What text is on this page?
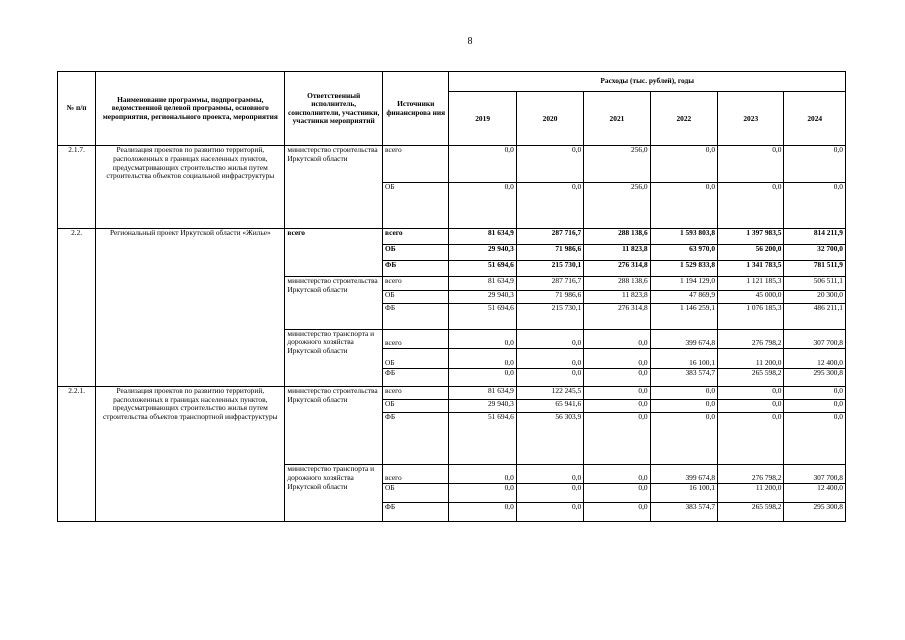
8
№ п/п	Наименование программы, подпрограммы, ведомственной целевой программы, основного мероприятия, регионального проекта, мероприятия	Ответственный исполнитель, соисполнители, участники, участники мероприятий	Источники финансирова ния	Расходы (тыс. рублей), годы					
				2019	2020	2021	2022	2023	2024
2.1.7.	Реализация проектов по развитию территорий, расположенных в границах населенных пунктов, предусматривающих строительство жилья путем строительства объектов социальной инфраструктуры	министерство строительства Иркутской области	всего	0,0	0,0	256,0	0,0	0,0	0,0
			ОБ	0,0	0,0	256,0	0,0	0,0	0,0
2.2.	Региональный проект Иркутской области «Жилье»	всего	всего	81 634,9	287 716,7	288 138,6	1 593 803,8	1 397 983,5	814 211,9
			ОБ	29 940,3	71 986,6	11 823,8	63 970,0	56 200,0	32 700,0
			ФБ	51 694,6	215 730,1	276 314,8	1 529 833,8	1 341 783,5	781 511,9
		министерство строительства Иркутской области	всего	81 634,9	287 716,7	288 138,6	1 194 129,0	1 121 185,3	506 511,1
			ОБ	29 940,3	71 986,6	11 823,8	47 869,9	45 000,0	20 300,0
			ФБ	51 694,6	215 730,1	276 314,8	1 146 259,1	1 076 185,3	486 211,1
		министерство транспорта и дорожного хозяйства Иркутской области	всего	0,0	0,0	0,0	399 674,8	276 798,2	307 700,8
			ОБ	0,0	0,0	0,0	16 100,1	11 200,0	12 400,0
			ФБ	0,0	0,0	0,0	383 574,7	265 598,2	295 300,8
2.2.1.	Реализация проектов по развитию территорий, расположенных в границах населенных пунктов, предусматривающих строительство жилья путем строительства объектов транспортной инфраструктуры	министерство строительства Иркутской области	всего	81 634,9	122 245,5	0,0	0,0	0,0	0,0
			ОБ	29 940,3	65 941,6	0,0	0,0	0,0	0,0
			ФБ	51 694,6	56 303,9	0,0	0,0	0,0	0,0
		министерство транспорта и дорожного хозяйства Иркутской области	всего	0,0	0,0	0,0	399 674,8	276 798,2	307 700,8
			ОБ	0,0	0,0	0,0	16 100,1	11 200,0	12 400,0
			ФБ	0,0	0,0	0,0	383 574,7	265 598,2	295 300,8
